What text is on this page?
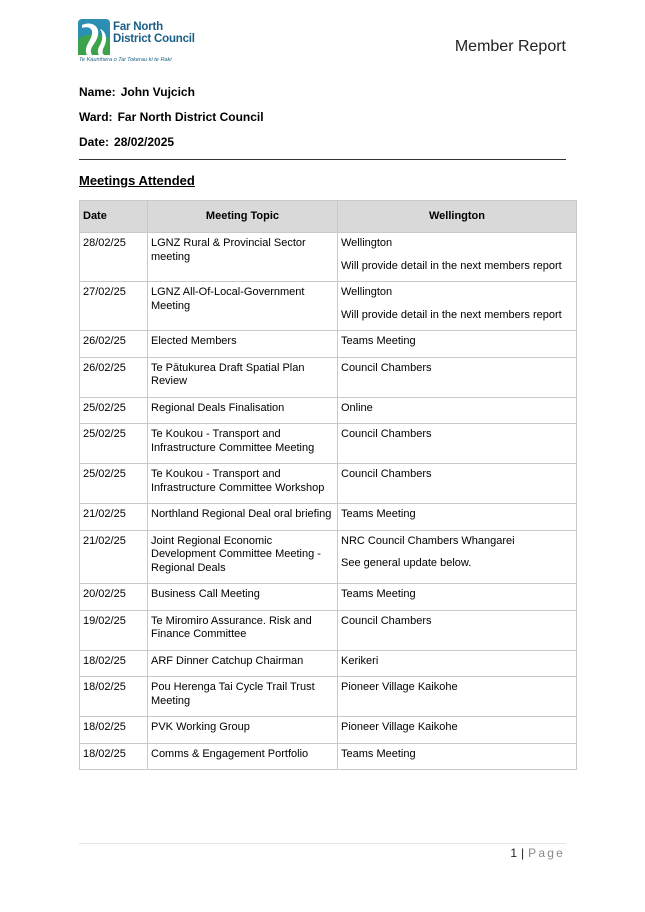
Far North
District Council
Te Kaunihera o Tai Tokerau ki te Raki
Member Report
Name: John Vujcich
Ward: Far North District Council
Date: 28/02/2025
Meetings Attended
Date	Meeting Topic	Wellington
28/02/25	LGNZ Rural & Provincial Sector meeting	Wellington
Will provide detail in the next members report

27/02/25	LGNZ All-Of-Local-Government Meeting	Wellington
Will provide detail in the next members report

26/02/25	Elected Members	Teams Meeting
26/02/25	Te Pātukurea Draft Spatial Plan Review	Council Chambers
25/02/25	Regional Deals Finalisation	Online
25/02/25	Te Koukou - Transport and Infrastructure Committee Meeting	Council Chambers
25/02/25	Te Koukou - Transport and Infrastructure Committee Workshop	Council Chambers
21/02/25	Northland Regional Deal oral briefing	Teams Meeting
21/02/25	Joint Regional Economic Development Committee Meeting - Regional Deals	NRC Council Chambers Whangarei
See general update below.

20/02/25	Business Call Meeting	Teams Meeting
19/02/25	Te Miromiro Assurance. Risk and Finance Committee	Council Chambers
18/02/25	ARF Dinner Catchup Chairman	Kerikeri
18/02/25	Pou Herenga Tai Cycle Trail Trust Meeting	Pioneer Village Kaikohe
18/02/25	PVK Working Group	Pioneer Village Kaikohe
18/02/25	Comms & Engagement Portfolio	Teams Meeting
1 | Page
